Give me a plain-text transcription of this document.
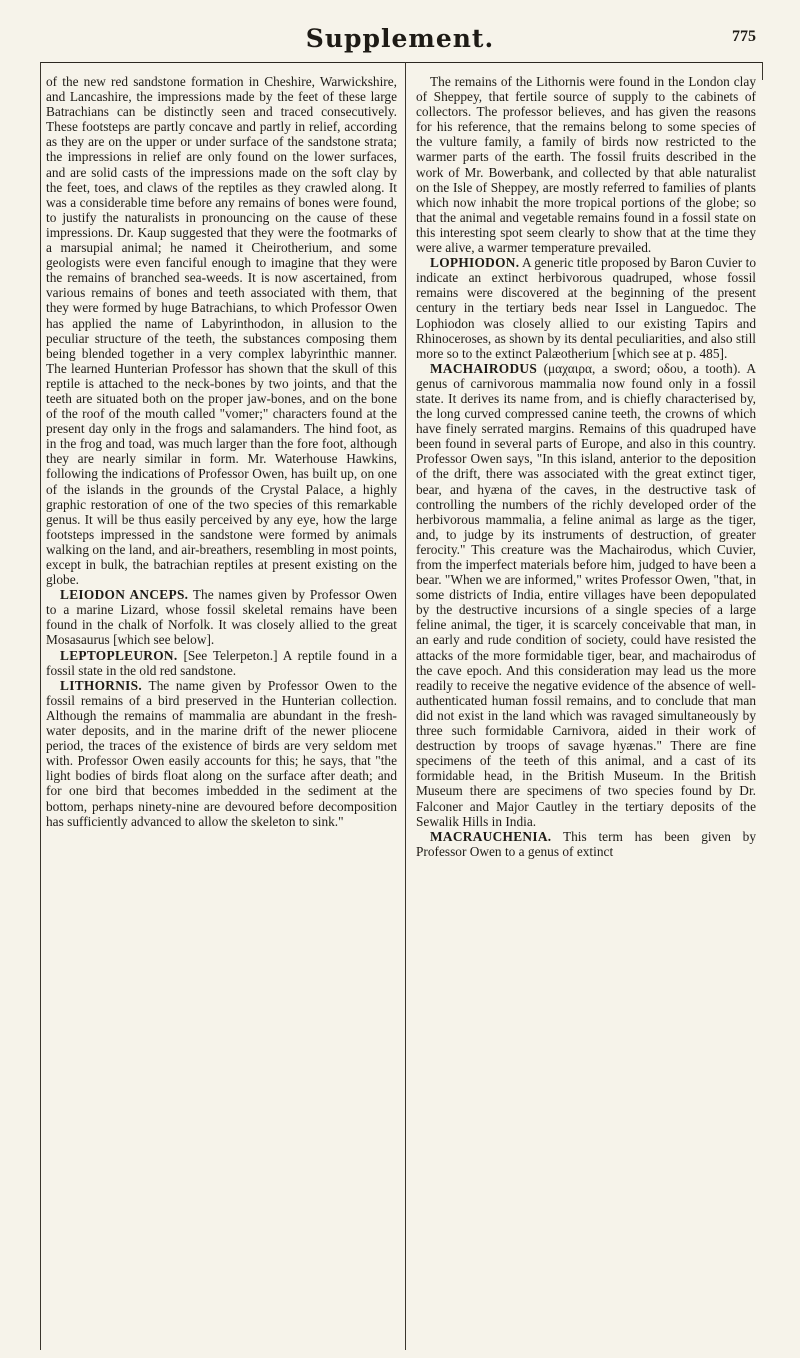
Supplement.	775

of the new red sandstone formation in Cheshire, Warwickshire, and Lancashire, the impressions made by the feet of these large Batrachians can be distinctly seen and traced consecutively. These footsteps are partly concave and partly in relief, according as they are on the upper or under surface of the sandstone strata; the impressions in relief are only found on the lower surfaces, and are solid casts of the impressions made on the soft clay by the feet, toes, and claws of the reptiles as they crawled along. It was a considerable time before any remains of bones were found, to justify the naturalists in pronouncing on the cause of these impressions. Dr. Kaup suggested that they were the footmarks of a marsupial animal; he named it Cheirotherium, and some geologists were even fanciful enough to imagine that they were the remains of branched sea-weeds. It is now ascertained, from various remains of bones and teeth associated with them, that they were formed by huge Batrachians, to which Professor Owen has applied the name of Labyrinthodon, in allusion to the peculiar structure of the teeth, the substances composing them being blended together in a very complex labyrinthic manner. The learned Hunterian Professor has shown that the skull of this reptile is attached to the neck-bones by two joints, and that the teeth are situated both on the proper jaw-bones, and on the bone of the roof of the mouth called "vomer;" characters found at the present day only in the frogs and salamanders. The hind foot, as in the frog and toad, was much larger than the fore foot, although they are nearly similar in form. Mr. Waterhouse Hawkins, following the indications of Professor Owen, has built up, on one of the islands in the grounds of the Crystal Palace, a highly graphic restoration of one of the two species of this remarkable genus. It will be thus easily perceived by any eye, how the large footsteps impressed in the sandstone were formed by animals walking on the land, and air-breathers, resembling in most points, except in bulk, the batrachian reptiles at present existing on the globe.

LEIODON ANCEPS. The names given by Professor Owen to a marine Lizard, whose fossil skeletal remains have been found in the chalk of Norfolk. It was closely allied to the great Mosasaurus [which see below].

LEPTOPLEURON. [See Telerpeton.] A reptile found in a fossil state in the old red sandstone.

LITHORNIS. The name given by Professor Owen to the fossil remains of a bird preserved in the Hunterian collection. Although the remains of mammalia are abundant in the fresh-water deposits, and in the marine drift of the newer pliocene period, the traces of the existence of birds are very seldom met with. Professor Owen easily accounts for this; he says, that "the light bodies of birds float along on the surface after death; and for one bird that becomes imbedded in the sediment at the bottom, perhaps ninety-nine are devoured before decomposition has sufficiently advanced to allow the skeleton to sink."

The remains of the Lithornis were found in the London clay of Sheppey, that fertile source of supply to the cabinets of collectors. The professor believes, and has given the reasons for his reference, that the remains belong to some species of the vulture family, a family of birds now restricted to the warmer parts of the earth. The fossil fruits described in the work of Mr. Bowerbank, and collected by that able naturalist on the Isle of Sheppey, are mostly referred to families of plants which now inhabit the more tropical portions of the globe; so that the animal and vegetable remains found in a fossil state on this interesting spot seem clearly to show that at the time they were alive, a warmer temperature prevailed.

LOPHIODON. A generic title proposed by Baron Cuvier to indicate an extinct herbivorous quadruped, whose fossil remains were discovered at the beginning of the present century in the tertiary beds near Issel in Languedoc. The Lophiodon was closely allied to our existing Tapirs and Rhinoceroses, as shown by its dental peculiarities, and also still more so to the extinct Palæotherium [which see at p. 485].

MACHAIRODUS (μαχαιρα, a sword; οδου, a tooth). A genus of carnivorous mammalia now found only in a fossil state. It derives its name from, and is chiefly characterised by, the long curved compressed canine teeth, the crowns of which have finely serrated margins. Remains of this quadruped have been found in several parts of Europe, and also in this country. Professor Owen says, "In this island, anterior to the deposition of the drift, there was associated with the great extinct tiger, bear, and hyæna of the caves, in the destructive task of controlling the numbers of the richly developed order of the herbivorous mammalia, a feline animal as large as the tiger, and, to judge by its instruments of destruction, of greater ferocity." This creature was the Machairodus, which Cuvier, from the imperfect materials before him, judged to have been a bear. "When we are informed," writes Professor Owen, "that, in some districts of India, entire villages have been depopulated by the destructive incursions of a single species of a large feline animal, the tiger, it is scarcely conceivable that man, in an early and rude condition of society, could have resisted the attacks of the more formidable tiger, bear, and machairodus of the cave epoch. And this consideration may lead us the more readily to receive the negative evidence of the absence of well-authenticated human fossil remains, and to conclude that man did not exist in the land which was ravaged simultaneously by three such formidable Carnivora, aided in their work of destruction by troops of savage hyænas." There are fine specimens of the teeth of this animal, and a cast of its formidable head, in the British Museum. In the British Museum there are specimens of two species found by Dr. Falconer and Major Cautley in the tertiary deposits of the Sewalik Hills in India.

MACRAUCHENIA. This term has been given by Professor Owen to a genus of extinct
